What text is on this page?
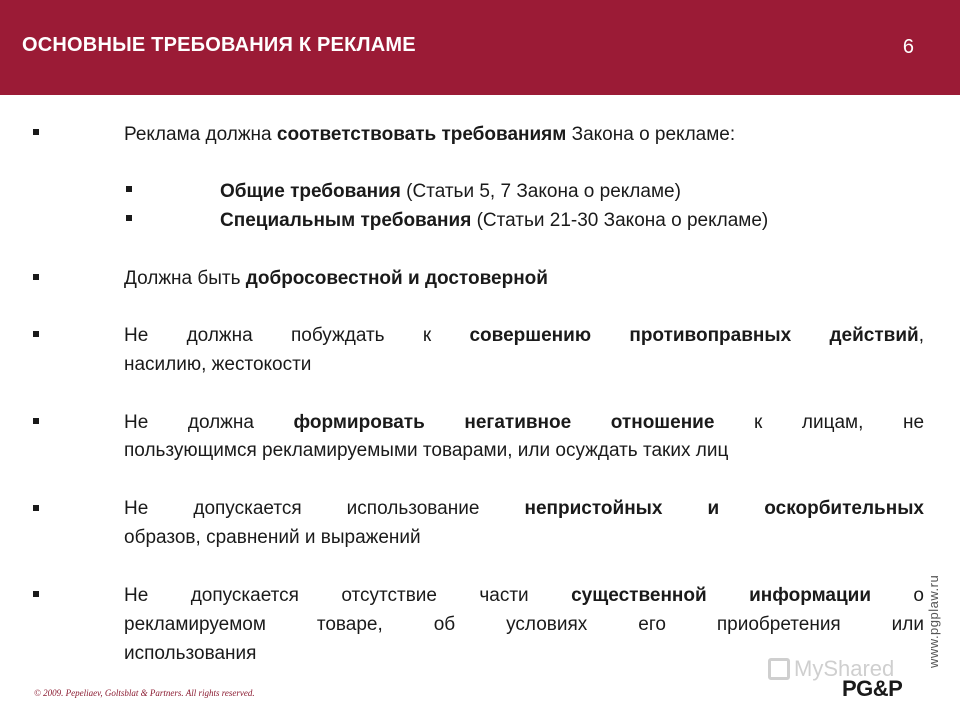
ОСНОВНЫЕ ТРЕБОВАНИЯ К РЕКЛАМЕ	6
Реклама должна соответствовать требованиям Закона о рекламе:
Общие требования (Статьи 5, 7 Закона о рекламе)
Специальным требования (Статьи 21-30 Закона о рекламе)
Должна быть добросовестной и достоверной
Не должна побуждать к совершению противоправных действий,
насилию, жестокости
Не должна формировать негативное отношение к лицам, не
пользующимся рекламируемыми товарами, или осуждать таких лиц
Не допускается использование непристойных и оскорбительных
образов, сравнений и выражений
Не допускается отсутствие части существенной информации о
рекламируемом товаре, об условиях его приобретения или
использования
MyShared
www.pgplaw.ru
PG&P
© 2009. Pepeliaev, Goltsblat & Partners. All rights reserved.
